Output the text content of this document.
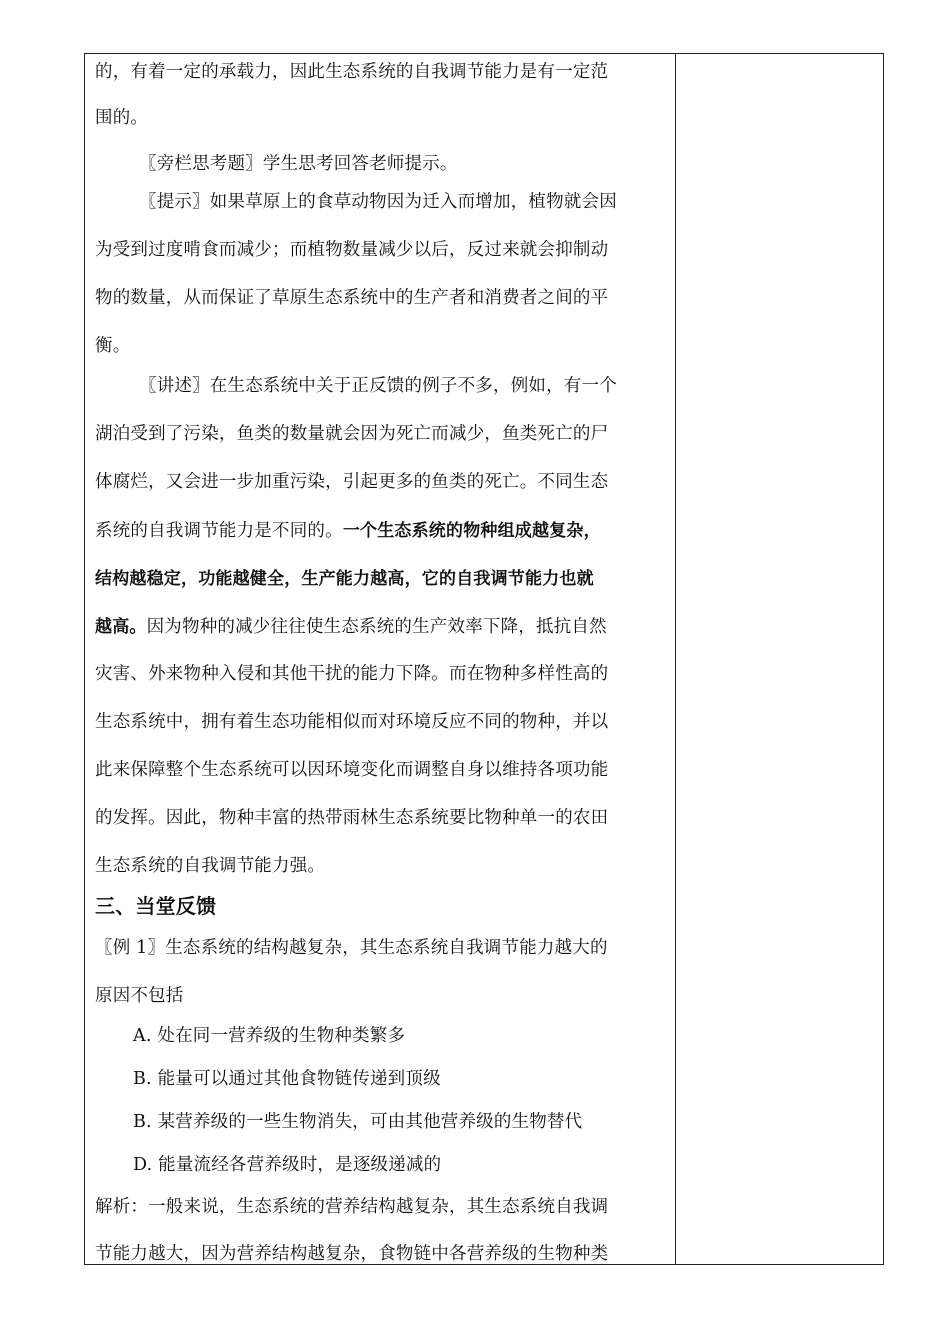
的，有着一定的承载力，因此生态系统的自我调节能力是有一定范
围的。
〖旁栏思考题〗学生思考回答老师提示。
〖提示〗如果草原上的食草动物因为迁入而增加，植物就会因
为受到过度啃食而减少；而植物数量减少以后，反过来就会抑制动
物的数量，从而保证了草原生态系统中的生产者和消费者之间的平
衡。
〖讲述〗在生态系统中关于正反馈的例子不多，例如，有一个
湖泊受到了污染，鱼类的数量就会因为死亡而减少，鱼类死亡的尸
体腐烂，又会进一步加重污染，引起更多的鱼类的死亡。不同生态
系统的自我调节能力是不同的。一个生态系统的物种组成越复杂，
结构越稳定，功能越健全，生产能力越高，它的自我调节能力也就
越高。因为物种的减少往往使生态系统的生产效率下降，抵抗自然
灾害、外来物种入侵和其他干扰的能力下降。而在物种多样性高的
生态系统中，拥有着生态功能相似而对环境反应不同的物种，并以
此来保障整个生态系统可以因环境变化而调整自身以维持各项功能
的发挥。因此，物种丰富的热带雨林生态系统要比物种单一的农田
生态系统的自我调节能力强。
三、当堂反馈
〖例 1〗生态系统的结构越复杂，其生态系统自我调节能力越大的
原因不包括
A. 处在同一营养级的生物种类繁多
B. 能量可以通过其他食物链传递到顶级
B. 某营养级的一些生物消失，可由其他营养级的生物替代
D. 能量流经各营养级时，是逐级递减的
解析：一般来说，生态系统的营养结构越复杂，其生态系统自我调
节能力越大，因为营养结构越复杂，食物链中各营养级的生物种类
